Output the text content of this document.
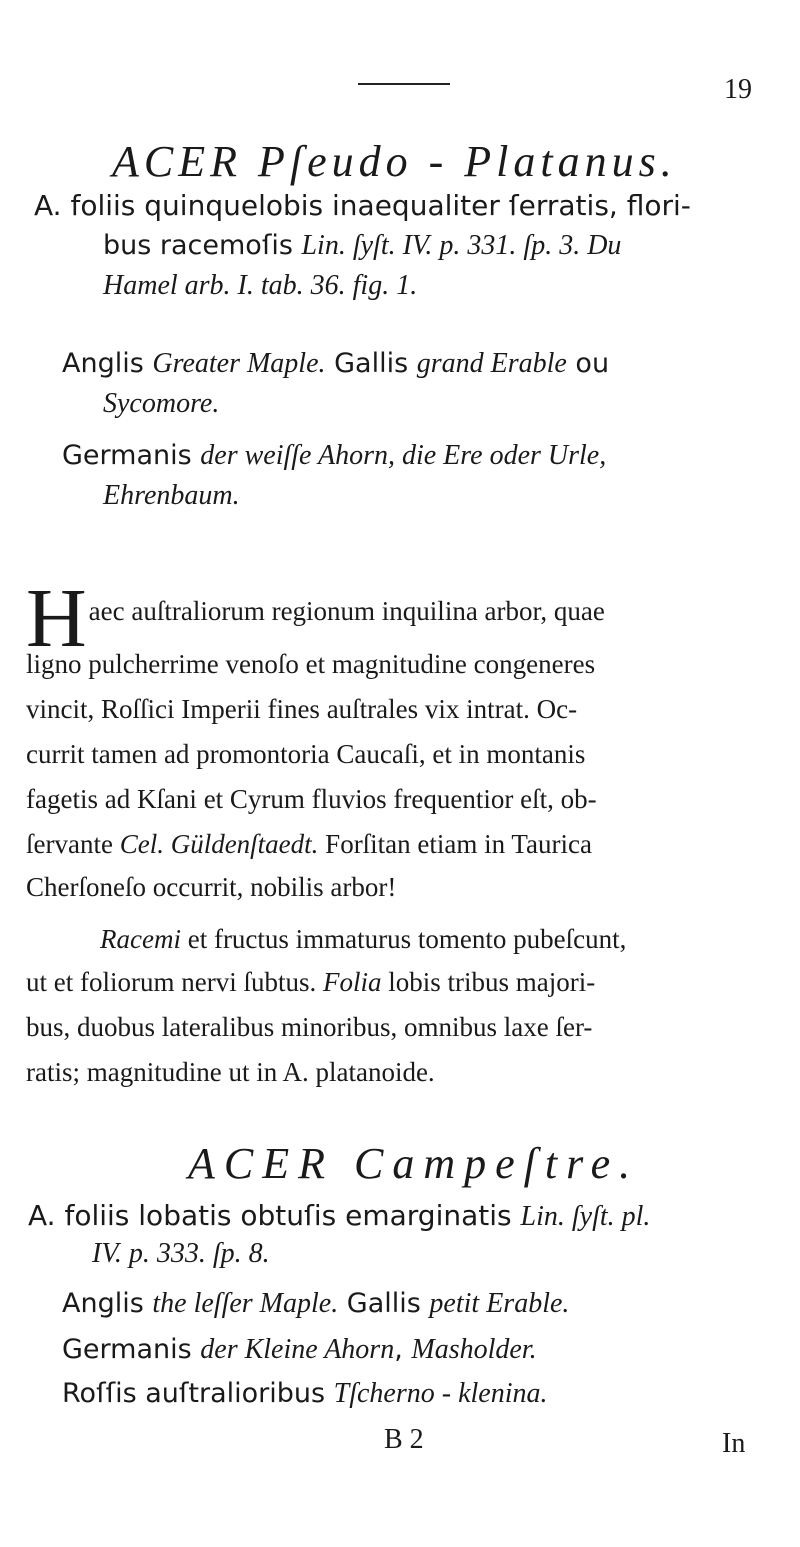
19
ACER Pſeudo - Platanus.
A. foliis quinquelobis inaequaliter ſerratis, flori-
bus racemoſis Lin. ſyſt. IV. p. 331. ſp. 3. Du
Hamel arb. I. tab. 36. fig. 1.
Anglis Greater Maple. Gallis grand Erable ou
Sycomore.
Germanis der weiſſe Ahorn, die Ere oder Urle,
Ehrenbaum.
H aec auſtraliorum regionum inquilina arbor, quae
ligno pulcherrime venoſo et magnitudine congeneres
vincit, Roſſici Imperii fines auſtrales vix intrat. Oc-
currit tamen ad promontoria Caucaſi, et in montanis
fagetis ad Kſani et Cyrum fluvios frequentior eſt, ob-
ſervante Cel. Güldenſtaedt. Forſitan etiam in Taurica
Cherſoneſo occurrit, nobilis arbor!
Racemi et fructus immaturus tomento pubeſcunt,
ut et foliorum nervi ſubtus. Folia lobis tribus majori-
bus, duobus lateralibus minoribus, omnibus laxe ſer-
ratis; magnitudine ut in A. platanoide.
ACER Campeſtre.
A. foliis lobatis obtuſis emarginatis Lin. ſyſt. pl.
IV. p. 333. ſp. 8.
Anglis the leſſer Maple. Gallis petit Erable.
Germanis der Kleine Ahorn, Masholder.
Roſſis auſtralioribus Tſcherno - klenina.
B 2	In
